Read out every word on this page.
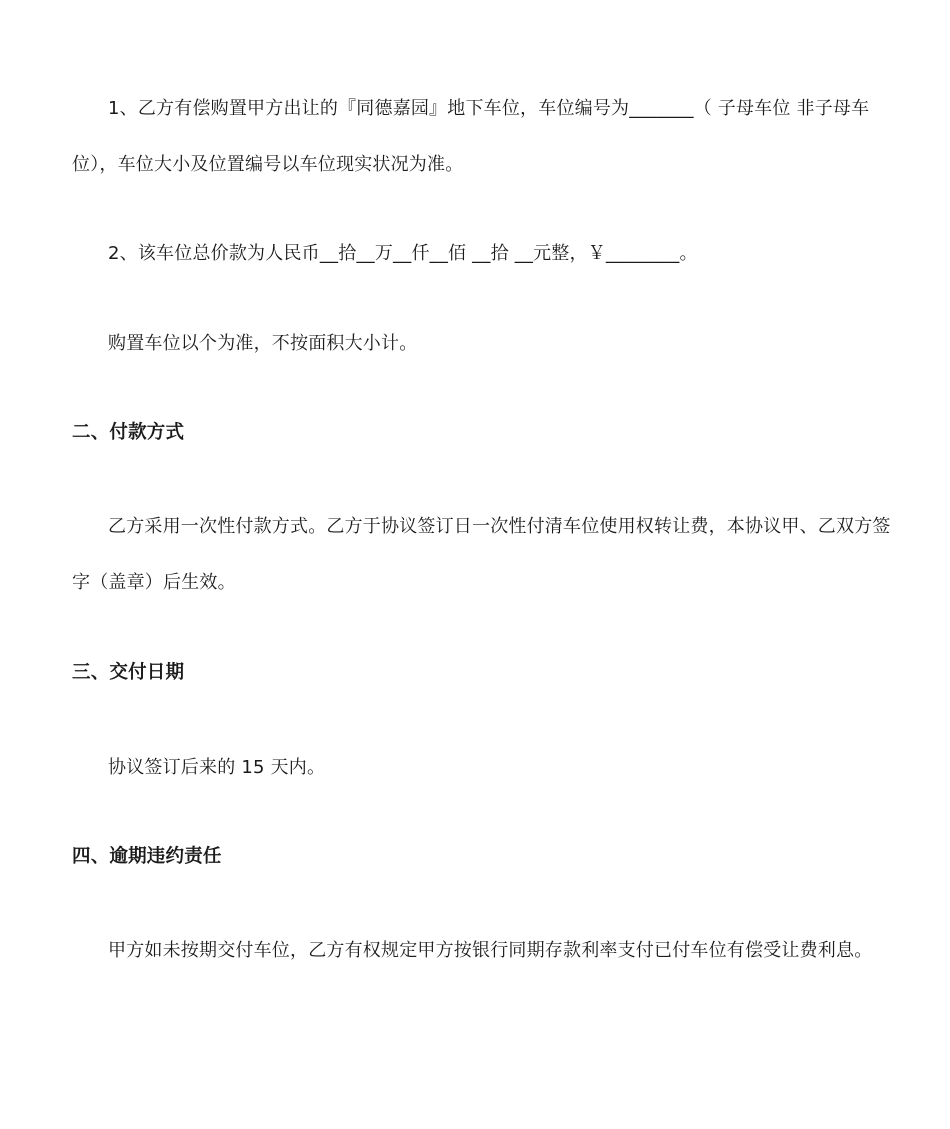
1、乙方有偿购置甲方出让的『同德嘉园』地下车位，车位编号为_______（ 子母车位 非子母车
位），车位大小及位置编号以车位现实状况为准。
2、该车位总价款为人民币__拾__万__仟__佰 __拾 __元整，￥________。
购置车位以个为准，不按面积大小计。
二、付款方式
乙方采用一次性付款方式。乙方于协议签订日一次性付清车位使用权转让费，本协议甲、乙双方签
字（盖章）后生效。
三、交付日期
协议签订后来的 15 天内。
四、逾期违约责任
甲方如未按期交付车位，乙方有权规定甲方按银行同期存款利率支付已付车位有偿受让费利息。
